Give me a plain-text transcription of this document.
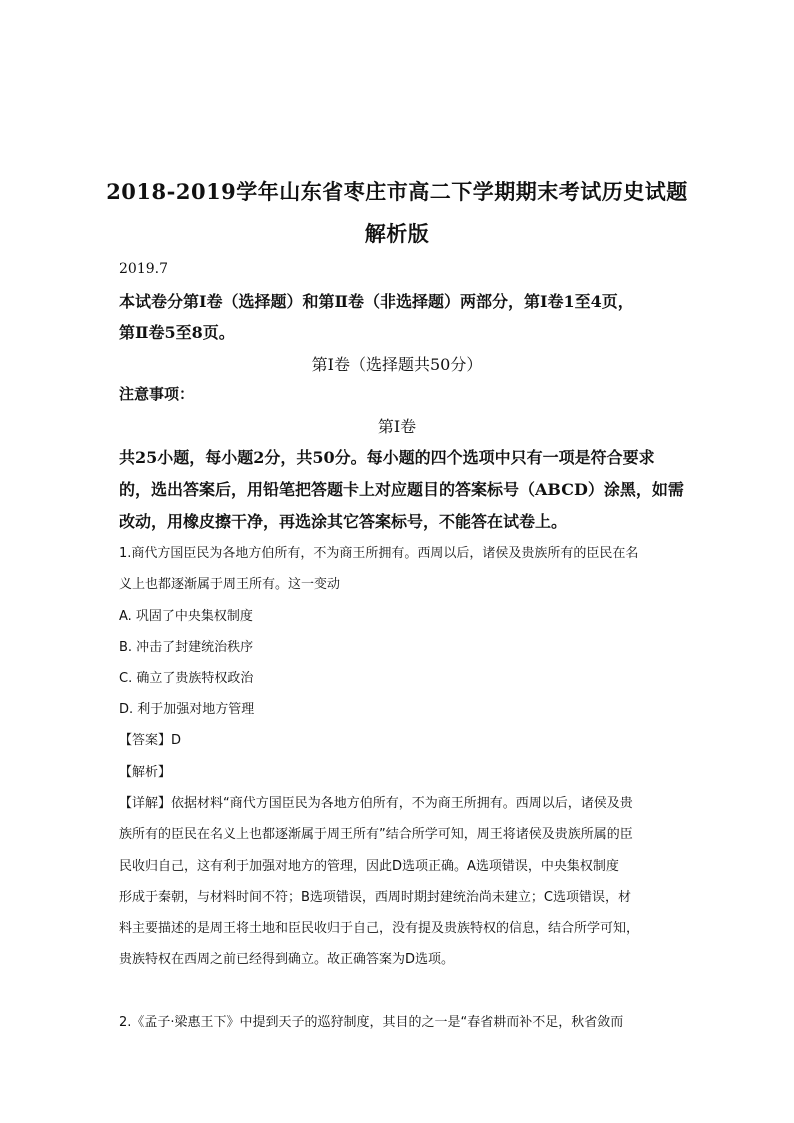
2018-2019学年山东省枣庄市高二下学期期末考试历史试题
解析版
2019.7
本试卷分第Ⅰ卷（选择题）和第Ⅱ卷（非选择题）两部分，第Ⅰ卷1至4页，
第Ⅱ卷5至8页。
第Ⅰ卷（选择题共50分）
注意事项：
第Ⅰ卷
共25小题，每小题2分，共50分。每小题的四个选项中只有一项是符合要求
的，选出答案后，用铅笔把答题卡上对应题目的答案标号（ABCD）涂黑，如需
改动，用橡皮擦干净，再选涂其它答案标号，不能答在试卷上。
1.商代方国臣民为各地方伯所有，不为商王所拥有。西周以后，诸侯及贵族所有的臣民在名
义上也都逐渐属于周王所有。这一变动
A. 巩固了中央集权制度
B. 冲击了封建统治秩序
C. 确立了贵族特权政治
D. 利于加强对地方管理
【答案】D
【解析】
【详解】依据材料“商代方国臣民为各地方伯所有，不为商王所拥有。西周以后，诸侯及贵
族所有的臣民在名义上也都逐渐属于周王所有”结合所学可知，周王将诸侯及贵族所属的臣
民收归自己，这有利于加强对地方的管理，因此D选项正确。A选项错误，中央集权制度
形成于秦朝，与材料时间不符；B选项错误，西周时期封建统治尚未建立；C选项错误，材
料主要描述的是周王将土地和臣民收归于自己，没有提及贵族特权的信息，结合所学可知，
贵族特权在西周之前已经得到确立。故正确答案为D选项。
2.《孟子·梁惠王下》中提到天子的巡狩制度，其目的之一是“春省耕而补不足，秋省敛而
